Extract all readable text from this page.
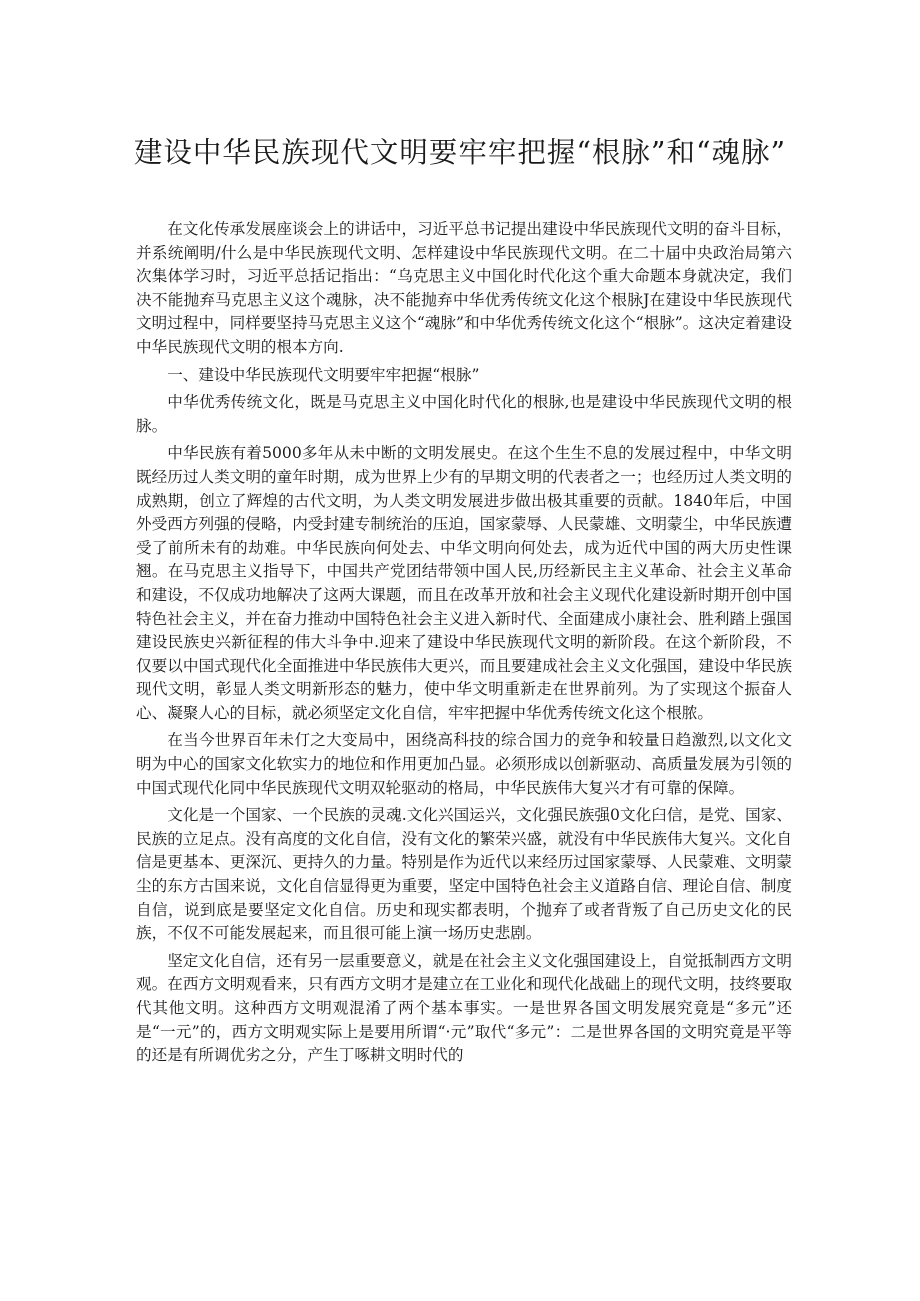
建设中华民族现代文明要牢牢把握“根脉”和“魂脉”

在文化传承发展座谈会上的讲话中，习近平总书记提出建设中华民族现代文明的奋斗目标，并系统阐明/什么是中华民族现代文明、怎样建设中华民族现代文明。在二十届中央政治局第六次集体学习时，习近平总括记指出：“乌克思主义中国化时代化这个重大命题本身就决定，我们决不能抛弃马克思主义这个魂脉，决不能抛弃中华优秀传统文化这个根脉J在建设中华民族现代文明过程中，同样要坚持马克思主义这个“魂脉”和中华优秀传统文化这个“根脉”。这决定着建设中华民族现代文明的根本方向.

一、建设中华民族现代文明要牢牢把握“根脉”

中华优秀传统文化，既是马克思主义中国化时代化的根脉,也是建设中华民族现代文明的根脉。

中华民族有着5000多年从未中断的文明发展史。在这个生生不息的发展过程中，中华文明既经历过人类文明的童年时期，成为世界上少有的早期文明的代表者之一；也经历过人类文明的成熟期，创立了辉煌的古代文明，为人类文明发展进步做出极其重要的贡献。1840年后，中国外受西方列强的侵略，内受封建专制统治的压迫，国家蒙辱、人民蒙雄、文明蒙尘，中华民族遭受了前所未有的劫难。中华民族向何处去、中华文明向何处去，成为近代中国的两大历史性课翘。在马克思主义指导下，中国共产党团结带领中国人民,历经新民主主义革命、社会主义革命和建设，不仅成功地解决了这两大课题，而且在改革开放和社会主义现代化建设新时期开创中国特色社会主义，并在奋力推动中国特色社会主义进入新时代、全面建成小康社会、胜利踏上强国建设民族史兴新征程的伟大斗争中.迎来了建设中华民族现代文明的新阶段。在这个新阶段，不仅要以中国式现代化全面推进中华民族伟大更兴，而且要建成社会主义文化强国，建设中华民族现代文明，彰显人类文明新形态的魅力，使中华文明重新走在世界前列。为了实现这个振奋人心、凝聚人心的目标，就必须坚定文化自信，牢牢把握中华优秀传统文化这个根脓。

在当今世界百年未仃之大变局中，困绕高科技的综合国力的竞争和较量日趋激烈,以文化文明为中心的国家文化软实力的地位和作用更加凸显。必须形成以创新驱动、高质量发展为引领的中国式现代化同中华民族现代文明双轮驱动的格局，中华民族伟大复兴才有可靠的保障。

文化是一个国家、一个民族的灵魂.文化兴国运兴，文化强民族强0文化臼信，是党、国家、民族的立足点。没有高度的文化自信，没有文化的繁荣兴盛，就没有中华民族伟大复兴。文化自信是更基本、更深沉、更持久的力量。特别是作为近代以来经历过国家蒙辱、人民蒙难、文明蒙尘的东方古国来说，文化自信显得更为重要，坚定中国特色社会主义道路自信、理论自信、制度自信，说到底是要坚定文化自信。历史和现实都表明，个抛弃了或者背叛了自己历史文化的民族，不仅不可能发展起来，而且很可能上演一场历史悲剧。

坚定文化自信，还有另一层重要意义，就是在社会主义文化强国建设上，自觉抵制西方文明观。在西方文明观看来，只有西方文明才是建立在工业化和现代化战础上的现代文明，技终要取代其他文明。这种西方文明观混淆了两个基本事实。一是世界各国文明发展究竟是“多元”还是“一元”的，西方文明观实际上是要用所谓“·元”取代“多元”：二是世界各国的文明究竟是平等的还是有所调优劣之分，产生丁啄耕文明时代的
